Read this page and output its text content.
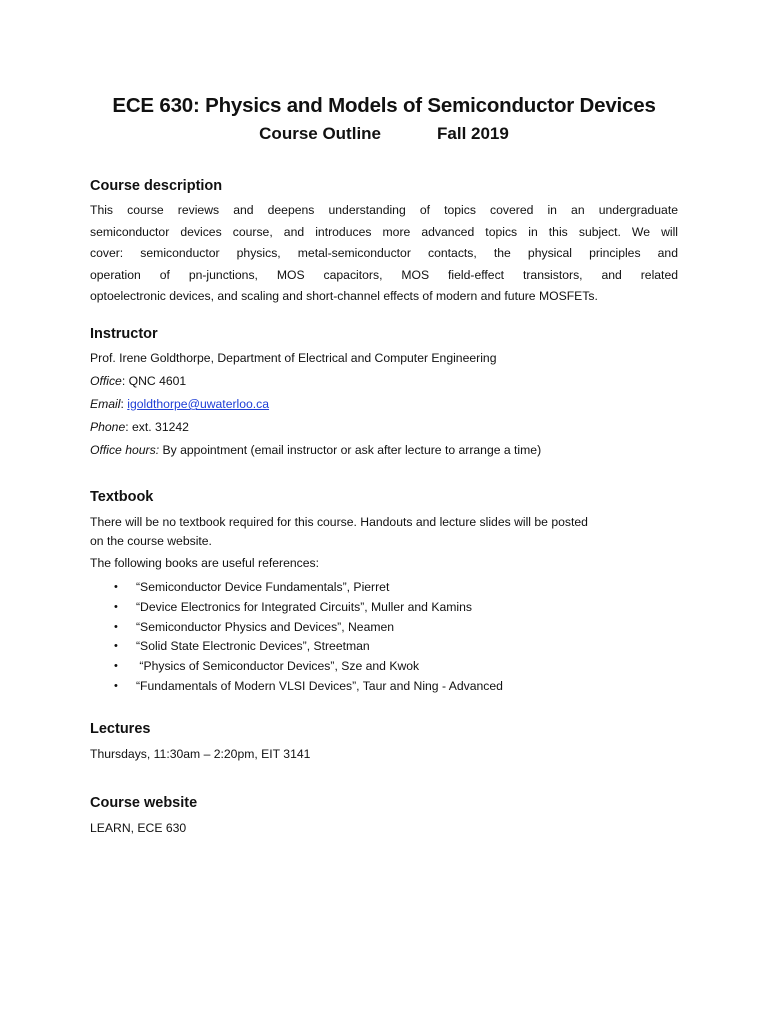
ECE 630: Physics and Models of Semiconductor Devices
Course Outline	Fall 2019
Course description
This course reviews and deepens understanding of topics covered in an undergraduate
semiconductor devices course, and introduces more advanced topics in this subject. We will
cover: semiconductor physics, metal-semiconductor contacts, the physical principles and
operation of pn-junctions, MOS capacitors, MOS field-effect transistors, and related
optoelectronic devices, and scaling and short-channel effects of modern and future MOSFETs.
Instructor
Prof. Irene Goldthorpe, Department of Electrical and Computer Engineering
Office: QNC 4601
Email: igoldthorpe@uwaterloo.ca
Phone: ext. 31242
Office hours: By appointment (email instructor or ask after lecture to arrange a time)
Textbook
There will be no textbook required for this course. Handouts and lecture slides will be posted
on the course website.
The following books are useful references:
• “Semiconductor Device Fundamentals”, Pierret
• “Device Electronics for Integrated Circuits”, Muller and Kamins
• “Semiconductor Physics and Devices”, Neamen
• “Solid State Electronic Devices”, Streetman
• “Physics of Semiconductor Devices”, Sze and Kwok
• “Fundamentals of Modern VLSI Devices”, Taur and Ning - Advanced
Lectures
Thursdays, 11:30am – 2:20pm, EIT 3141
Course website
LEARN, ECE 630
